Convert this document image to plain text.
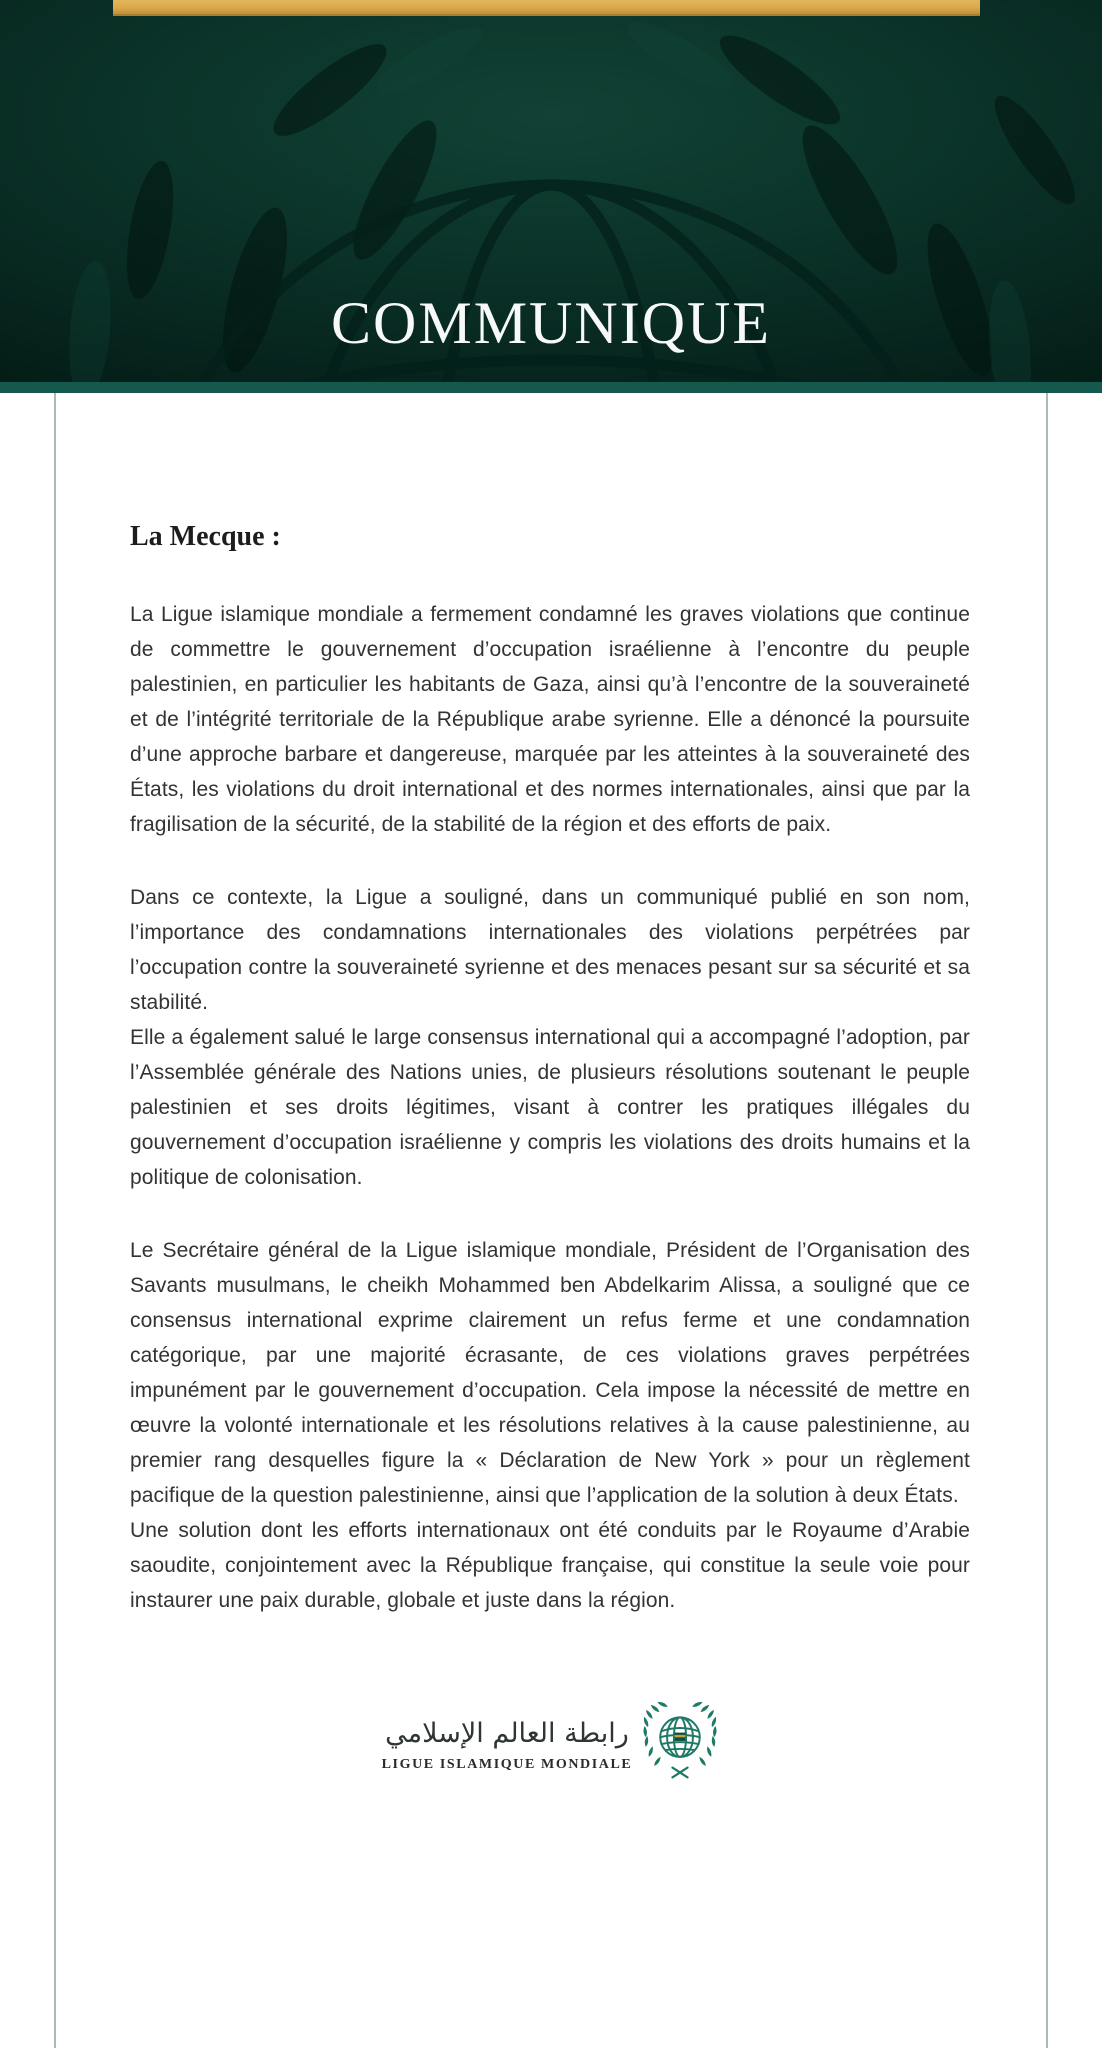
COMMUNIQUE
La Mecque :

La Ligue islamique mondiale a fermement condamné les graves violations que continue de commettre le gouvernement d’occupation israélienne à l’encontre du peuple palestinien, en particulier les habitants de Gaza, ainsi qu’à l’encontre de la souveraineté et de l’intégrité territoriale de la République arabe syrienne. Elle a dénoncé la poursuite d’une approche barbare et dangereuse, marquée par les atteintes à la souveraineté des États, les violations du droit international et des normes internationales, ainsi que par la fragilisation de la sécurité, de la stabilité de la région et des efforts de paix.

Dans ce contexte, la Ligue a souligné, dans un communiqué publié en son nom, l’importance des condamnations internationales des violations perpétrées par l’occupation contre la souveraineté syrienne et des menaces pesant sur sa sécurité et sa stabilité.

Elle a également salué le large consensus international qui a accompagné l’adoption, par l’Assemblée générale des Nations unies, de plusieurs résolutions soutenant le peuple palestinien et ses droits légitimes, visant à contrer les pratiques illégales du gouvernement d’occupation israélienne y compris les violations des droits humains et la politique de colonisation.

Le Secrétaire général de la Ligue islamique mondiale, Président de l’Organisation des Savants musulmans, le cheikh Mohammed ben Abdelkarim Alissa, a souligné que ce consensus international exprime clairement un refus ferme et une condamnation catégorique, par une majorité écrasante, de ces violations graves perpétrées impunément par le gouvernement d’occupation. Cela impose la nécessité de mettre en œuvre la volonté internationale et les résolutions relatives à la cause palestinienne, au premier rang desquelles figure la « Déclaration de New York » pour un règlement pacifique de la question palestinienne, ainsi que l’application de la solution à deux États.

Une solution dont les efforts internationaux ont été conduits par le Royaume d’Arabie saoudite, conjointement avec la République française, qui constitue la seule voie pour instaurer une paix durable, globale et juste dans la région.

رابطة العالم الإسلامي
LIGUE ISLAMIQUE MONDIALE
